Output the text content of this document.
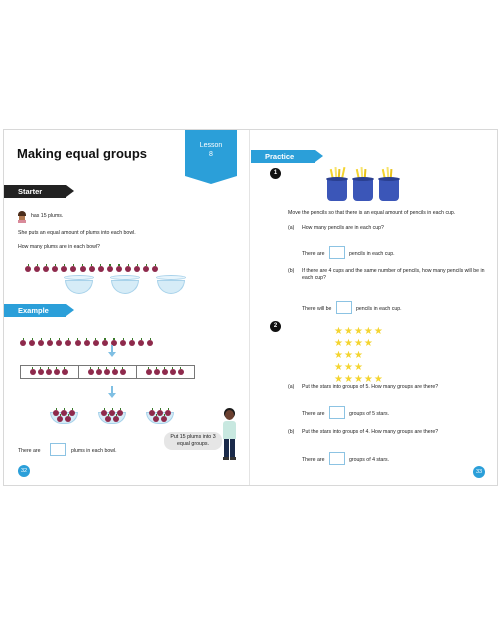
Making equal groups
Lesson
8
Starter
has 15 plums.
She puts an equal amount of plums into each bowl.
How many plums are in each bowl?
Example
There are	plums in each bowl.
Put 15 plums into 3 equal groups.
32
Practice
1
Move the pencils so that there is an equal amount of pencils in each cup.
(a) How many pencils are in each cup?
There are	pencils in each cup.
(b) If there are 4 cups and the same number of pencils, how many pencils will be in each cup?
There will be	pencils in each cup.
2	★★★★★
★★★★
★★★
★★★
★★★★★
(a) Put the stars into groups of 5. How many groups are there?
There are	groups of 5 stars.
(b) Put the stars into groups of 4. How many groups are there?
There are	groups of 4 stars.
33
